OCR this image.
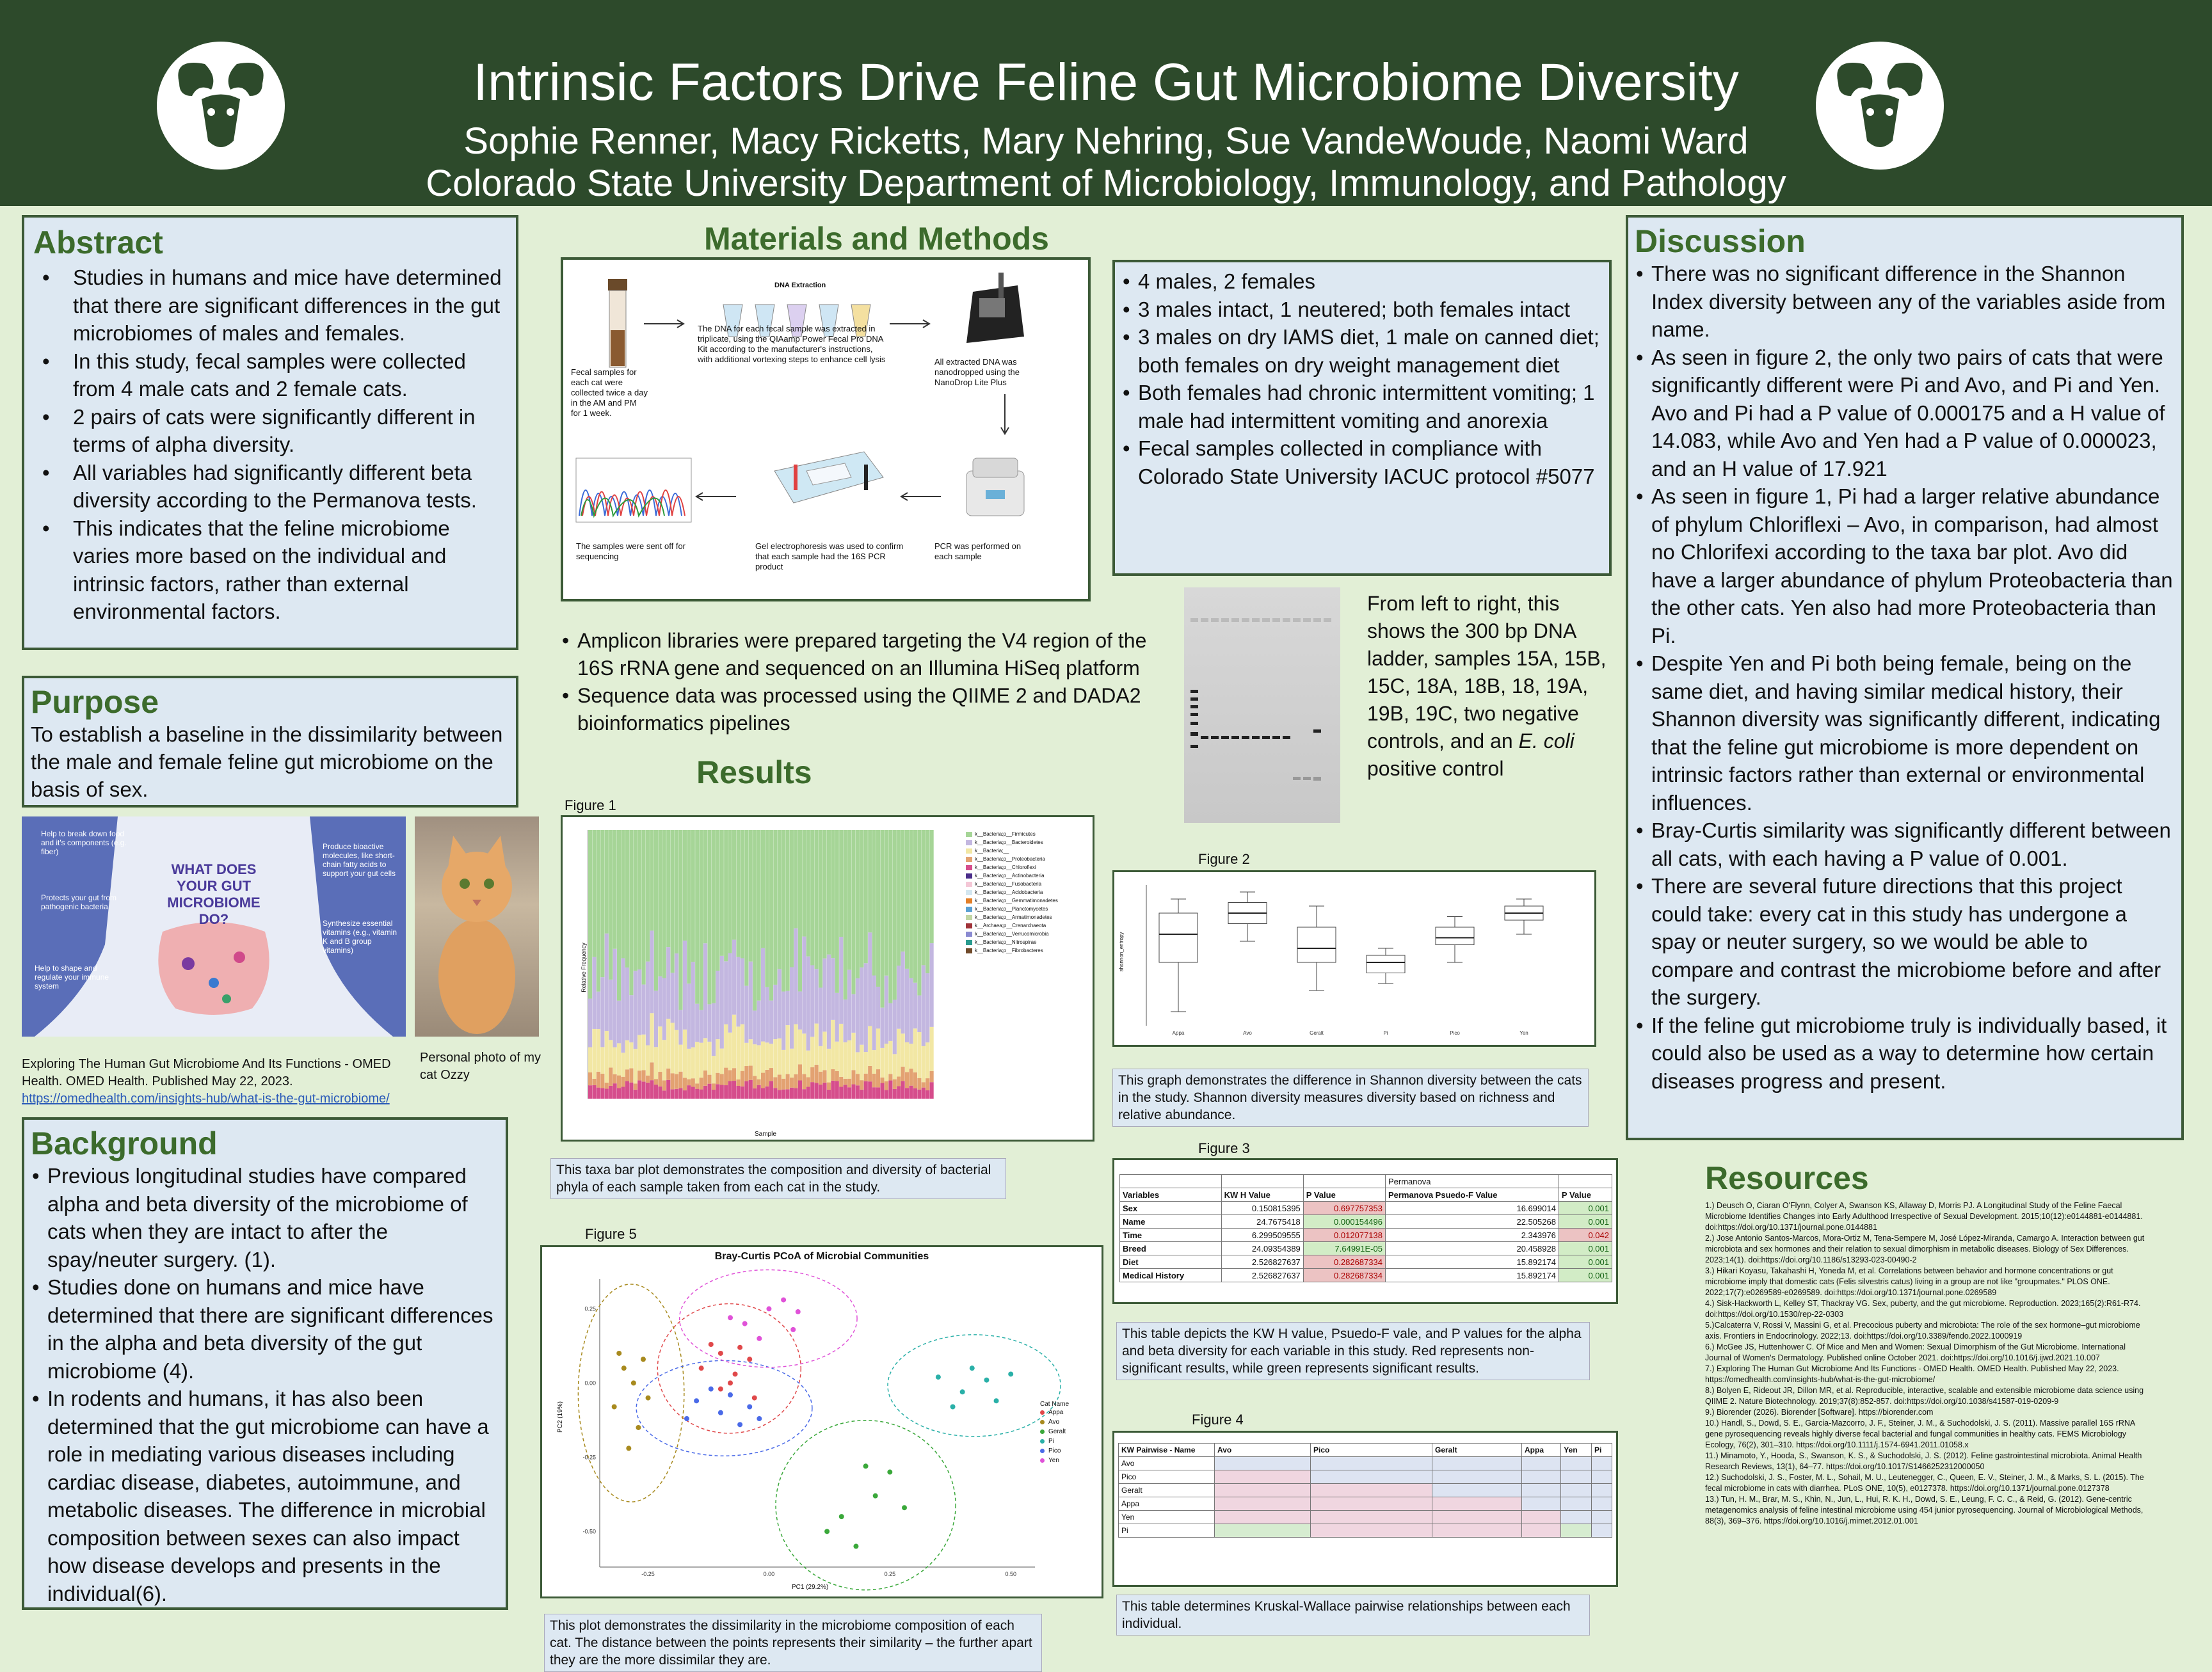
Intrinsic Factors Drive Feline Gut Microbiome Diversity
Sophie Renner, Macy Ricketts, Mary Nehring, Sue VandeWoude, Naomi Ward
Colorado State University Department of Microbiology, Immunology, and Pathology
Abstract
• Studies in humans and mice have determined that there are significant differences in the gut microbiomes of males and females.
• In this study, fecal samples were collected from 4 male cats and 2 female cats.
• 2 pairs of cats were significantly different in terms of alpha diversity.
• All variables had significantly different beta diversity according to the Permanova tests.
• This indicates that the feline microbiome varies more based on the individual and intrinsic factors, rather than external environmental factors.
Purpose
To establish a baseline in the dissimilarity between the male and female feline gut microbiome on the basis of sex.
WHAT DOES YOUR GUT MICROBIOME DO?
Help to break down food and it's components (e.g. fiber)
Protects your gut from pathogenic bacteria
Help to shape and regulate your immune system
Produce bioactive molecules, like short-chain fatty acids to support your gut cells
Synthesize essential vitamins (e.g., vitamin K and B group vitamins)
Exploring The Human Gut Microbiome And Its Functions - OMED Health. OMED Health. Published May 22, 2023. https://omedhealth.com/insights-hub/what-is-the-gut-microbiome/
Personal photo of my cat Ozzy
Background
• Previous longitudinal studies have compared alpha and beta diversity of the microbiome of cats when they are intact to after the spay/neuter surgery. (1).
• Studies done on humans and mice have determined that there are significant differences in the alpha and beta diversity of the gut microbiome (4).
• In rodents and humans, it has also been determined that the gut microbiome can have a role in mediating various diseases including cardiac disease, diabetes, autoimmune, and metabolic diseases. The difference in microbial composition between sexes can also impact how disease develops and presents in the individual(6).
Materials and Methods
DNA Extraction
Fecal samples for each cat were collected twice a day in the AM and PM for 1 week.
The DNA for each fecal sample was extracted in triplicate, using the QIAamp Power Fecal Pro DNA Kit according to the manufacturer's instructions, with additional vortexing steps to enhance cell lysis	All extracted DNA was nanodropped using the NanoDrop Lite Plus
PCR was performed on each sample
Gel electrophoresis was used to confirm that each sample had the 16S PCR product
The samples were sent off for sequencing
• Amplicon libraries were prepared targeting the V4 region of the 16S rRNA gene and sequenced on an Illumina HiSeq platform
• Sequence data was processed using the QIIME 2 and DADA2 bioinformatics pipelines
• 4 males, 2 females
• 3 males intact, 1 neutered; both females intact
• 3 males on dry IAMS diet, 1 male on canned diet; both females on dry weight management diet
• Both females had chronic intermittent vomiting; 1 male had intermittent vomiting and anorexia
• Fecal samples collected in compliance with Colorado State University IACUC protocol #5077
From left to right, this shows the 300 bp DNA ladder, samples 15A, 15B, 15C, 18A, 18B, 18, 19A, 19B, 19C, two negative controls, and an E. coli positive control
Results
Figure 1
Relative Frequency
Sample
k__Bacteria;p__Firmicutes
k__Bacteria;p__Bacteroidetes
k__Bacteria;__
k__Bacteria;p__Proteobacteria
k__Bacteria;p__Chloroflexi
k__Bacteria;p__Actinobacteria
k__Bacteria;p__Fusobacteria
k__Bacteria;p__Acidobacteria
k__Bacteria;p__Gemmatimonadetes
k__Bacteria;p__Planctomycetes
k__Bacteria;p__Armatimonadetes
k__Archaea;p__Crenarchaeota
k__Bacteria;p__Verrucomicrobia
k__Bacteria;p__Nitrospirae
k__Bacteria;p__Fibrobacteres
This taxa bar plot demonstrates the composition and diversity of bacterial phyla of each sample taken from each cat in the study.
Figure 2
shannon_entropy
Appa	Avo	Geralt	Pi	Pico	Yen
This graph demonstrates the difference in Shannon diversity between the cats in the study. Shannon diversity measures diversity based on richness and relative abundance.
Figure 3
			Permanova	
Variables	KW H Value	P Value	Permanova Psuedo-F Value	P Value
Sex	0.150815395	0.697757353	16.699014	0.001
Name	24.7675418	0.000154496	22.505268	0.001
Time	6.299509555	0.012077138	2.343976	0.042
Breed	24.09354389	7.64991E-05	20.458928	0.001
Diet	2.526827637	0.282687334	15.892174	0.001
Medical History	2.526827637	0.282687334	15.892174	0.001
This table depicts the KW H value, Psuedo-F vale, and P values for the alpha and beta diversity for each variable in this study. Red represents non-significant results, while green represents significant results.
Figure 4
KW Pairwise - Name	Avo	Pico	Geralt	Appa	Yen	Pi
Avo						
Pico						
Geralt						
Appa						
Yen						
Pi						
This table determines Kruskal-Wallace pairwise relationships between each individual.
Figure 5
Bray-Curtis PCoA of Microbial Communities
PC2 (19%)
-0.25	0.00	0.25	0.50
0.25
0.00
-0.25
-0.50
PC1 (29.2%)
Cat Name
Appa
Avo
Geralt
Pi
Pico
Yen
This plot demonstrates the dissimilarity in the microbiome composition of each cat. The distance between the points represents their similarity – the further apart they are the more dissimilar they are.
Discussion
• There was no significant difference in the Shannon Index diversity between any of the variables aside from name.
• As seen in figure 2, the only two pairs of cats that were significantly different were Pi and Avo, and Pi and Yen. Avo and Pi had a P value of 0.000175 and a H value of 14.083, while Avo and Yen had a P value of 0.000023, and an H value of 17.921
• As seen in figure 1, Pi had a larger relative abundance of phylum Chloriflexi – Avo, in comparison, had almost no Chlorifexi according to the taxa bar plot. Avo did have a larger abundance of phylum Proteobacteria than the other cats. Yen also had more Proteobacteria than Pi.
• Despite Yen and Pi both being female, being on the same diet, and having similar medical history, their Shannon diversity was significantly different, indicating that the feline gut microbiome is more dependent on intrinsic factors rather than external or environmental influences.
• Bray-Curtis similarity was significantly different between all cats, with each having a P value of 0.001.
• There are several future directions that this project could take: every cat in this study has undergone a spay or neuter surgery, so we would be able to compare and contrast the microbiome before and after the surgery.
• If the feline gut microbiome truly is individually based, it could also be used as a way to determine how certain diseases progress and present.
Resources
1.) Deusch O, Ciaran O'Flynn, Colyer A, Swanson KS, Allaway D, Morris PJ. A Longitudinal Study of the Feline Faecal Microbiome Identifies Changes into Early Adulthood Irrespective of Sexual Development. 2015;10(12):e0144881-e0144881. doi:https://doi.org/10.1371/journal.pone.0144881
2.) Jose Antonio Santos-Marcos, Mora-Ortiz M, Tena-Sempere M, José López-Miranda, Camargo A. Interaction between gut microbiota and sex hormones and their relation to sexual dimorphism in metabolic diseases. Biology of Sex Differences. 2023;14(1). doi:https://doi.org/10.1186/s13293-023-00490-2
3.) Hikari Koyasu, Takahashi H, Yoneda M, et al. Correlations between behavior and hormone concentrations or gut microbiome imply that domestic cats (Felis silvestris catus) living in a group are not like "groupmates." PLOS ONE. 2022;17(7):e0269589-e0269589. doi:https://doi.org/10.1371/journal.pone.0269589
4.) Sisk-Hackworth L, Kelley ST, Thackray VG. Sex, puberty, and the gut microbiome. Reproduction. 2023;165(2):R61-R74. doi:https://doi.org/10.1530/rep-22-0303
5.)Calcaterra V, Rossi V, Massini G, et al. Precocious puberty and microbiota: The role of the sex hormone–gut microbiome axis. Frontiers in Endocrinology. 2022;13. doi:https://doi.org/10.3389/fendo.2022.1000919
6.) McGee JS, Huttenhower C. Of Mice and Men and Women: Sexual Dimorphism of the Gut Microbiome. International Journal of Women's Dermatology. Published online October 2021. doi:https://doi.org/10.1016/j.ijwd.2021.10.007
7.) Exploring The Human Gut Microbiome And Its Functions - OMED Health. OMED Health. Published May 22, 2023. https://omedhealth.com/insights-hub/what-is-the-gut-microbiome/
8.) Bolyen E, Rideout JR, Dillon MR, et al. Reproducible, interactive, scalable and extensible microbiome data science using QIIME 2. Nature Biotechnology. 2019;37(8):852-857. doi:https://doi.org/10.1038/s41587-019-0209-9
9.) Biorender (2026). Biorender [Software]. https://biorender.com
10.) Handl, S., Dowd, S. E., Garcia-Mazcorro, J. F., Steiner, J. M., & Suchodolski, J. S. (2011). Massive parallel 16S rRNA gene pyrosequencing reveals highly diverse fecal bacterial and fungal communities in healthy cats. FEMS Microbiology Ecology, 76(2), 301–310. https://doi.org/10.1111/j.1574-6941.2011.01058.x
11.) Minamoto, Y., Hooda, S., Swanson, K. S., & Suchodolski, J. S. (2012). Feline gastrointestinal microbiota. Animal Health Research Reviews, 13(1), 64–77. https://doi.org/10.1017/S1466252312000050
12.) Suchodolski, J. S., Foster, M. L., Sohail, M. U., Leutenegger, C., Queen, E. V., Steiner, J. M., & Marks, S. L. (2015). The fecal microbiome in cats with diarrhea. PLoS ONE, 10(5), e0127378. https://doi.org/10.1371/journal.pone.0127378
13.) Tun, H. M., Brar, M. S., Khin, N., Jun, L., Hui, R. K. H., Dowd, S. E., Leung, F. C. C., & Reid, G. (2012). Gene-centric metagenomics analysis of feline intestinal microbiome using 454 junior pyrosequencing. Journal of Microbiological Methods, 88(3), 369–376. https://doi.org/10.1016/j.mimet.2012.01.001
